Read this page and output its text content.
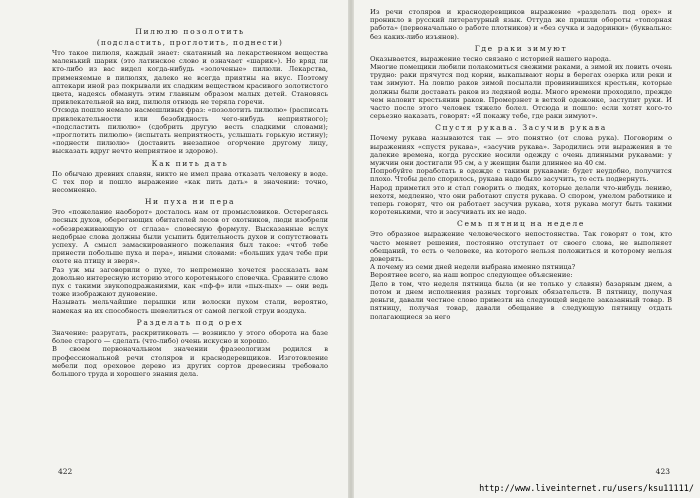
Пилюлю позолотить
(подсластить, проглотить, поднести)

Что такое пилюля, каждый знает: скатанный на лекарственном вещества маленький шарик (это латинское слово и означает «шарик»). Но вряд ли кто-либо из вас видел когда-нибудь «золоченые» пилюли. Лекарства, применяемые в пилюлях, далеко не всегда приятны на вкус. Поэтому аптекари иной раз покрывали их сладким веществом красивого золотистого цвета, надеясь обмануть этим главным образом малых детей. Становясь привлекательной на вид, пилюля отнюдь не теряла горечи.

Отсюда пошло немало насмешливых фраз: «позолотить пилюлю» (расписать привлекательности или безобидность чего-нибудь неприятного); «подсластить пилюлю» (сдобрить другую весть сладкими словами); «проглотить пилюлю» (испытать неприятность, услышать горькую истину); «поднести пилюлю» (доставить внезапное огорчение другому лицу, высказать вдруг нечто неприятное и здорово).

Как пить дать

По обычаю древних славян, никто не имел права отказать человеку в воде. С тех пор и пошло выражение «как пить дать» в значении: точно, несомненно.

Ни пуха ни пера

Это «пожелание наоборот» досталось нам от промысловиков. Остерегаясь лесных духов, оберегающих обитателей лесов от охотников, люди изобрели «обезвреживающую от сглаза» словесную формулу. Высказанные вслух недобрые слова должны были усыпить бдительность духов и сопутствовать успеху. А смысл замаскированного пожелания был такое: «чтоб тебе принести побольше пуха и пера», иными словами: «больших удач тебе при охоте на птицу и зверя».

Раз уж мы заговорили о пухе, то непременно хочется рассказать вам довольно интересную историю этого коротенького словечка. Сравните слово пух с такими звукоподражаниями, как «пф-ф» или «пых-пых» — они ведь тоже изображают дуновение.

Называть мельчайшие перышки или волоски пухом стали, вероятно, намекая на их способность шевелиться от самой легкой струи воздуха.

Разделать под орех

Значение: разругать, раскритиковать — возникло у этого оборота на базе более старого — сделать (что-либо) очень искусно и хорошо.

В своем первоначальном значении фразеологизм родился в профессиональной речи столяров и краснодеревщиков. Изготовление мебели под ореховое дерево из других сортов древесины требовало большого труда и хорошего знания дела.

422

Из речи столяров и краснодеревщиков выражение «разделать под орех» и проникло в русский литературный язык. Оттуда же пришли обороты «топорная работа» (первоначально о работе плотников) и «без сучка и задоринки» (буквально: без каких-либо изъянов).

Где раки зимуют

Оказывается, выражение тесно связано с историей нашего народа.

Многие помещики любили полакомиться свежими раками, а зимой их ловить очень трудно: раки прячутся под корни, выкапывают норы в берегах озерка или реки и там зимуют. На ловлю раков зимой посылали провинившихся крестьян, которые должны были доставать раков из ледяной воды. Много времени проходило, прежде чем наловит крестьянин раков. Промерзнет в ветхой одежонке, заступит руки. И часто после этого человек тяжело болел. Отсюда и пошло: если хотят кого-то серьезно наказать, говорят: «Я покажу тебе, где раки зимуют».

Спустя рукава. Засучив рукава

Почему рукава называются так — это понятно (от слова рука). Поговорим о выражениях «спустя рукава», «засучив рукава». Зародились эти выражения в те далекие времена, когда русские носили одежду с очень длинными рукавами: у мужчин они достигали 95 см, а у женщин были длиннее на 40 см.

Попробуйте поработать в одежде с такими рукавами: будет неудобно, получится плохо. Чтобы дело спорилось, рукава надо было засучить, то есть подвернуть.

Народ приметил это и стал говорить о людях, которые делали что-нибудь лениво, нехотя, медленно, что они работают спустя рукава. О спором, умелом работнике и теперь говорят, что он работает засучив рукава, хотя рукава могут быть такими коротенькими, что и засучивать их не надо.

Семь пятниц на неделе

Это образное выражение человеческого непостоянства. Так говорят о том, кто часто меняет решения, постоянно отступает от своего слова, не выполняет обещаний, то есть о человеке, на которого нельзя положиться и которому нельзя доверять.

А почему из семи дней недели выбрана именно пятница?

Вероятнее всего, на наш вопрос следующее объяснение:

Дело в том, что неделя пятница была (и не только у славян) базарным днем, а потом и днем исполнения разных торговых обязательств. В пятницу, получая деньги, давали честное слово привезти на следующей неделе заказанный товар. В пятницу, получая товар, давали обещание в следующую пятницу отдать полагающиеся за него

423
http://www.liveinternet.ru/users/ksu11111/
